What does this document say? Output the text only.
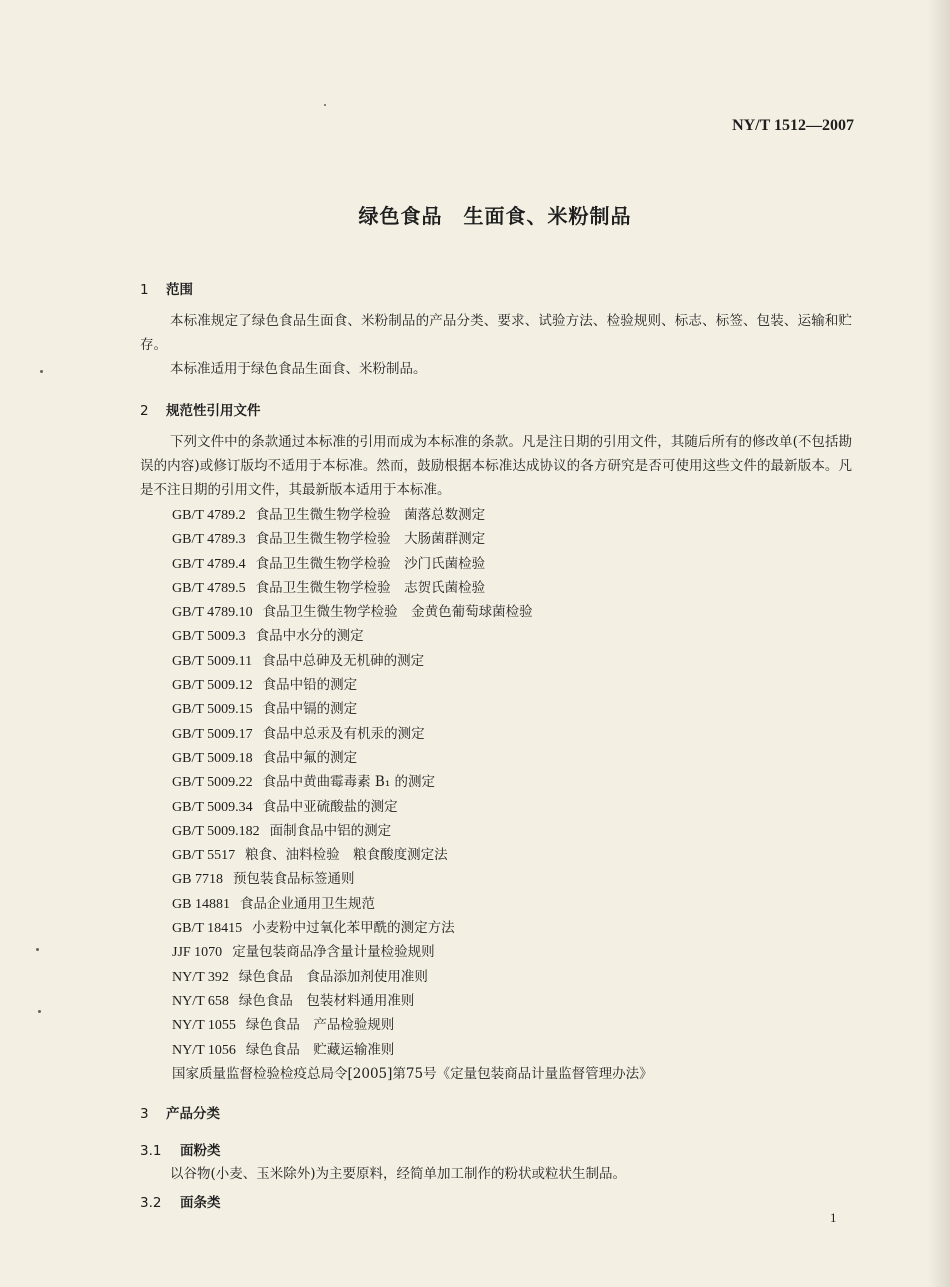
NY/T 1512—2007
绿色食品　生面食、米粉制品
1 范围
本标准规定了绿色食品生面食、米粉制品的产品分类、要求、试验方法、检验规则、标志、标签、包装、运输和贮存。
本标准适用于绿色食品生面食、米粉制品。
2 规范性引用文件
下列文件中的条款通过本标准的引用而成为本标准的条款。凡是注日期的引用文件，其随后所有的修改单(不包括勘误的内容)或修订版均不适用于本标准。然而，鼓励根据本标准达成协议的各方研究是否可使用这些文件的最新版本。凡是不注日期的引用文件，其最新版本适用于本标准。
GB/T 4789.2 食品卫生微生物学检验　菌落总数测定
GB/T 4789.3 食品卫生微生物学检验　大肠菌群测定
GB/T 4789.4 食品卫生微生物学检验　沙门氏菌检验
GB/T 4789.5 食品卫生微生物学检验　志贺氏菌检验
GB/T 4789.10 食品卫生微生物学检验　金黄色葡萄球菌检验
GB/T 5009.3 食品中水分的测定
GB/T 5009.11 食品中总砷及无机砷的测定
GB/T 5009.12 食品中铅的测定
GB/T 5009.15 食品中镉的测定
GB/T 5009.17 食品中总汞及有机汞的测定
GB/T 5009.18 食品中氟的测定
GB/T 5009.22 食品中黄曲霉毒素 B₁ 的测定
GB/T 5009.34 食品中亚硫酸盐的测定
GB/T 5009.182 面制食品中铝的测定
GB/T 5517 粮食、油料检验　粮食酸度测定法
GB 7718 预包装食品标签通则
GB 14881 食品企业通用卫生规范
GB/T 18415 小麦粉中过氧化苯甲酰的测定方法
JJF 1070 定量包装商品净含量计量检验规则
NY/T 392 绿色食品　食品添加剂使用准则
NY/T 658 绿色食品　包装材料通用准则
NY/T 1055 绿色食品　产品检验规则
NY/T 1056 绿色食品　贮藏运输准则
国家质量监督检验检疫总局令[2005]第75号《定量包装商品计量监督管理办法》
3 产品分类
3.1 面粉类
以谷物(小麦、玉米除外)为主要原料，经简单加工制作的粉状或粒状生制品。
3.2 面条类
1
